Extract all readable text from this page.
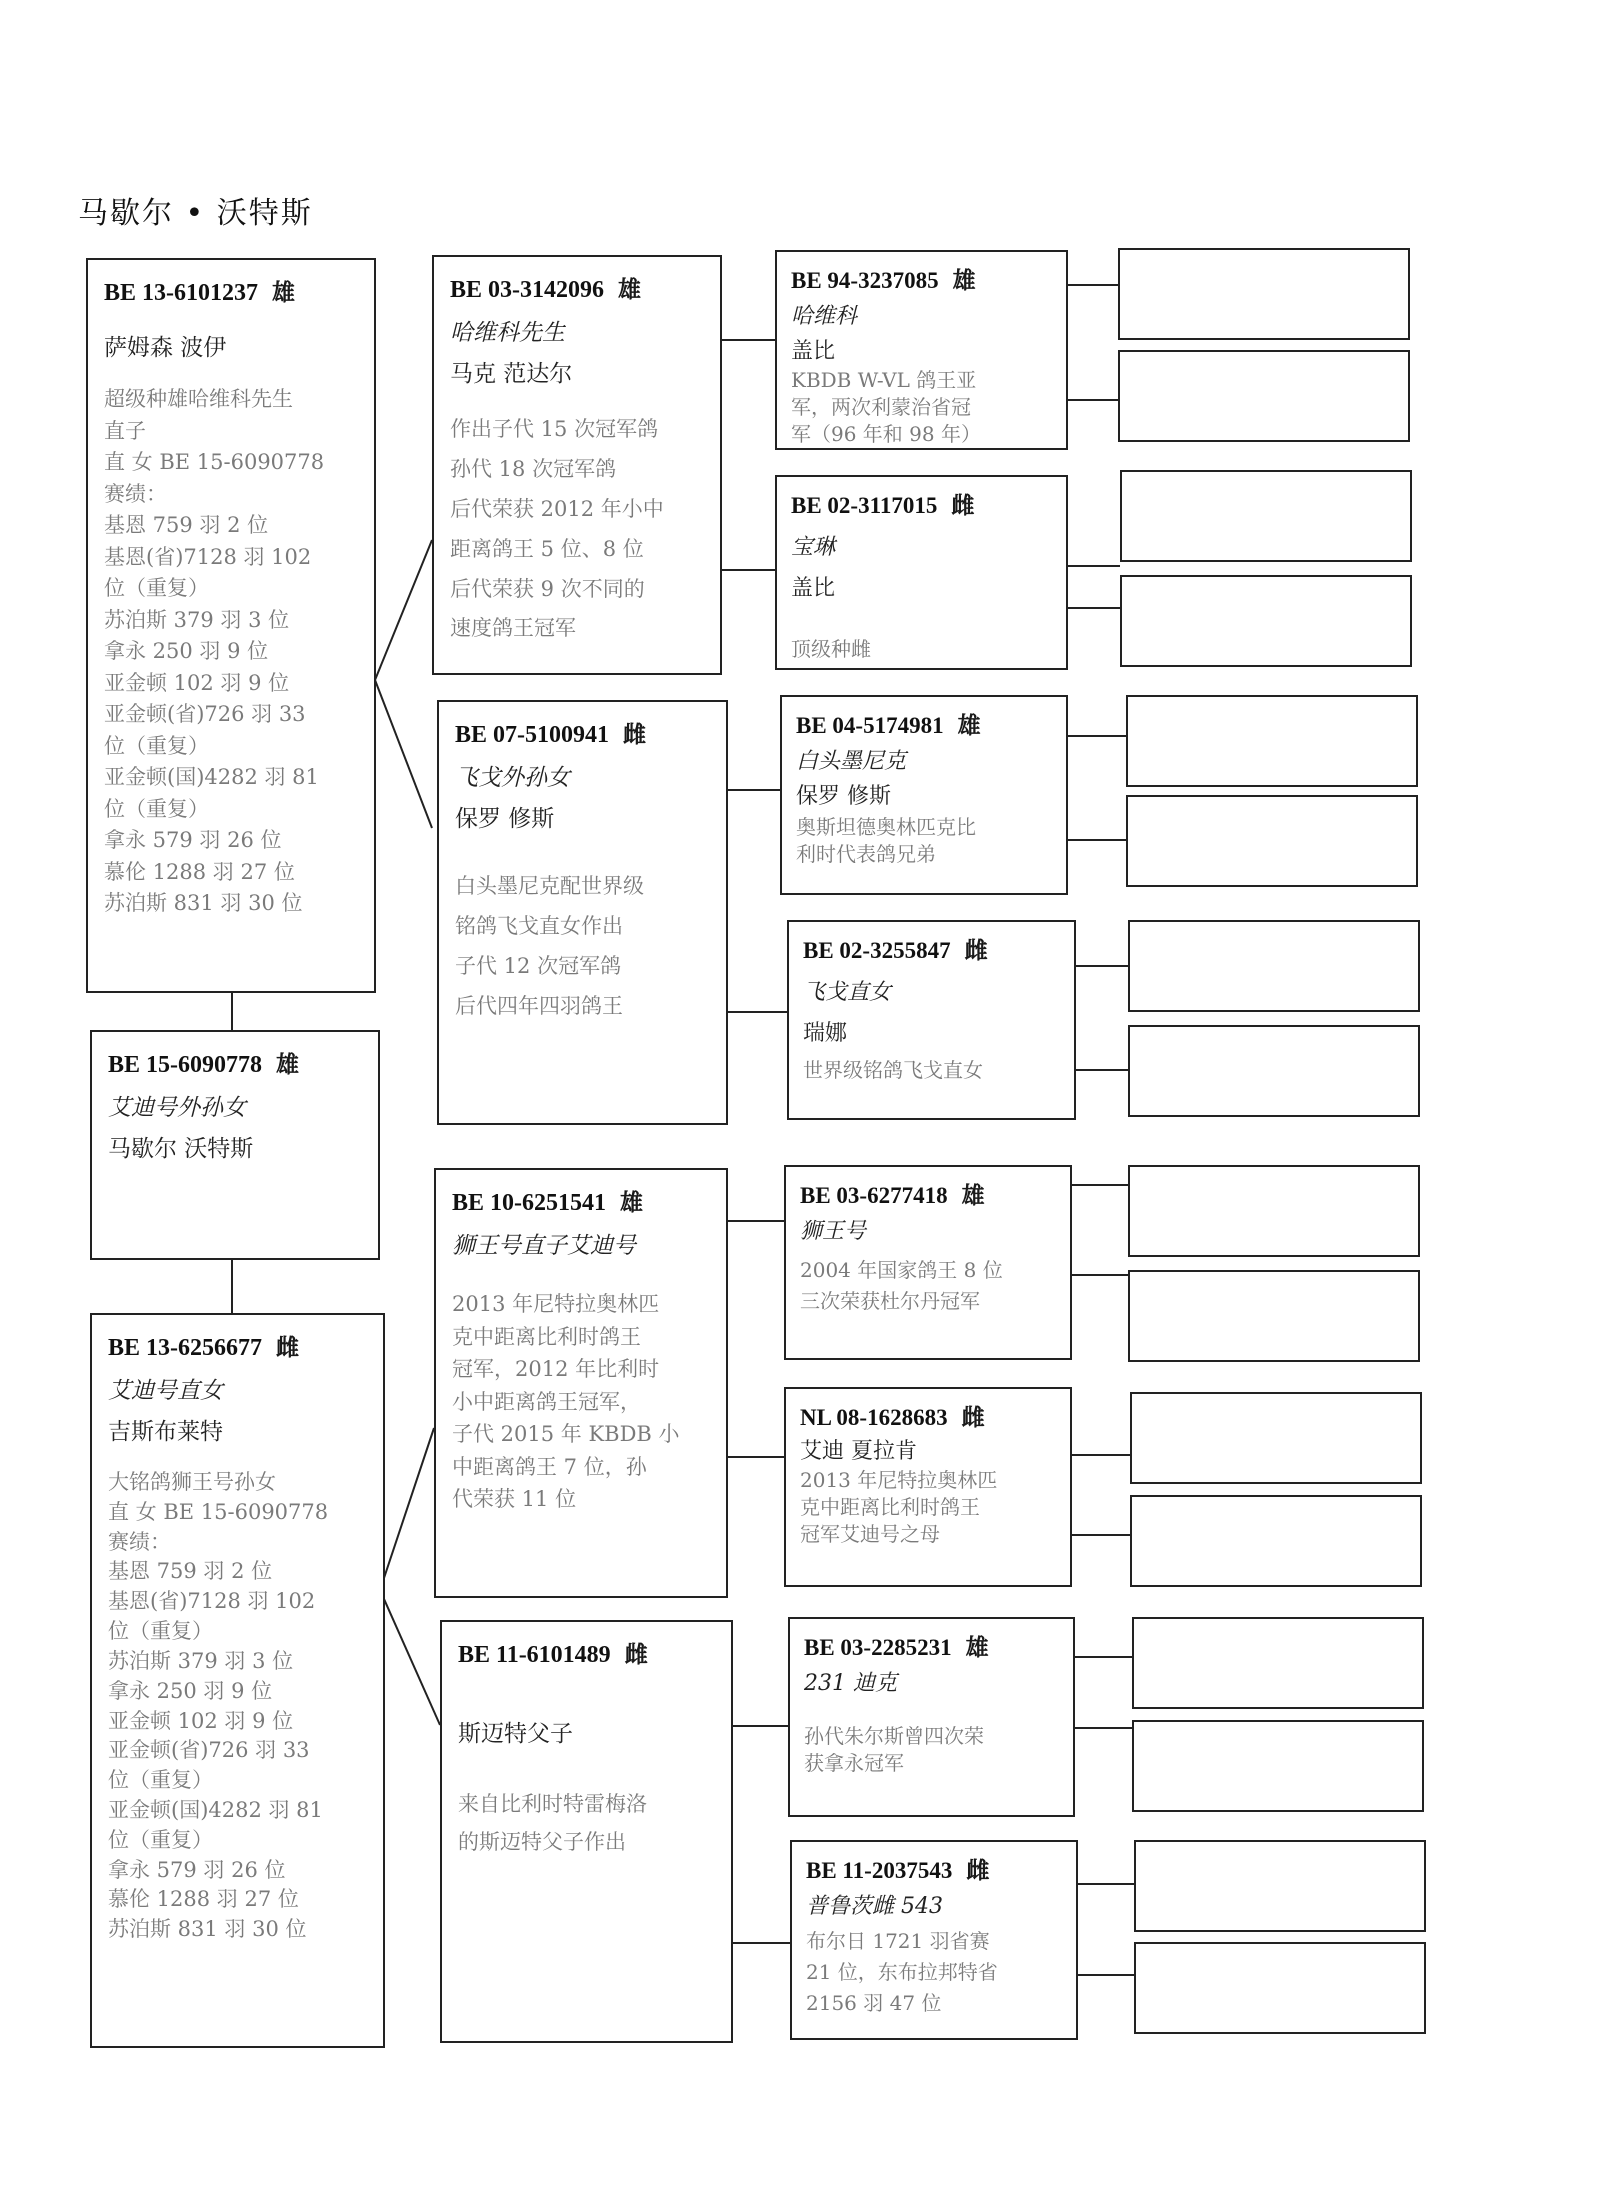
马歇尔 • 沃特斯
BE 13-6101237 雄
萨姆森 波伊
超级种雄哈维科先生
直子
直 女 BE 15-6090778
赛绩：
基恩 759 羽 2 位
基恩(省)7128 羽 102
位（重复）
苏泊斯 379 羽 3 位
拿永 250 羽 9 位
亚金顿 102 羽 9 位
亚金顿(省)726 羽 33
位（重复）
亚金顿(国)4282 羽 81
位（重复）
拿永 579 羽 26 位
慕伦 1288 羽 27 位
苏泊斯 831 羽 30 位
BE 15-6090778 雄
艾迪号外孙女
马歇尔 沃特斯
BE 13-6256677 雌
艾迪号直女
吉斯布莱特
大铭鸽狮王号孙女
直 女 BE 15-6090778
赛绩：
基恩 759 羽 2 位
基恩(省)7128 羽 102
位（重复）
苏泊斯 379 羽 3 位
拿永 250 羽 9 位
亚金顿 102 羽 9 位
亚金顿(省)726 羽 33
位（重复）
亚金顿(国)4282 羽 81
位（重复）
拿永 579 羽 26 位
慕伦 1288 羽 27 位
苏泊斯 831 羽 30 位
BE 03-3142096 雄
哈维科先生
马克 范达尔
作出子代 15 次冠军鸽
孙代 18 次冠军鸽
后代荣获 2012 年小中
距离鸽王 5 位、8 位
后代荣获 9 次不同的
速度鸽王冠军
BE 07-5100941 雌
飞戈外孙女
保罗 修斯
白头墨尼克配世界级
铭鸽飞戈直女作出
子代 12 次冠军鸽
后代四年四羽鸽王
BE 10-6251541 雄
狮王号直子艾迪号
2013 年尼特拉奥林匹
克中距离比利时鸽王
冠军，2012 年比利时
小中距离鸽王冠军，
子代 2015 年 KBDB 小
中距离鸽王 7 位，孙
代荣获 11 位
BE 11-6101489 雌
斯迈特父子
来自比利时特雷梅洛
的斯迈特父子作出
BE 94-3237085 雄
哈维科
盖比
KBDB W-VL 鸽王亚
军，两次利蒙治省冠
军（96 年和 98 年）
BE 02-3117015 雌
宝琳
盖比
顶级种雌
BE 04-5174981 雄
白头墨尼克
保罗 修斯
奥斯坦德奥林匹克比
利时代表鸽兄弟
BE 02-3255847 雌
飞戈直女
瑞娜
世界级铭鸽飞戈直女
BE 03-6277418 雄
狮王号
2004 年国家鸽王 8 位
三次荣获杜尔丹冠军
NL 08-1628683 雌
艾迪 夏拉肯
2013 年尼特拉奥林匹
克中距离比利时鸽王
冠军艾迪号之母
BE 03-2285231 雄
231 迪克
孙代朱尔斯曾四次荣
获拿永冠军
BE 11-2037543 雌
普鲁茨雌 543
布尔日 1721 羽省赛
21 位，东布拉邦特省
2156 羽 47 位
